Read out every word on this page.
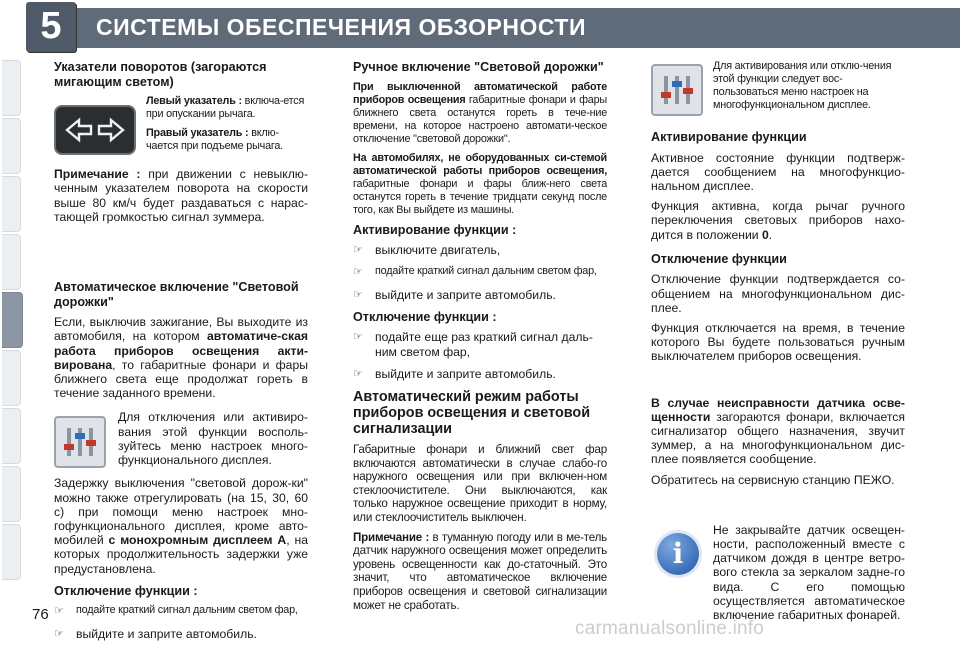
5	СИСТЕМЫ ОБЕСПЕЧЕНИЯ ОБЗОРНОСТИ
Указатели поворотов (загораются мигающим светом)

Левый указатель : включа-ется при опускании рычага.

Правый указатель : вклю-чается при подъеме рычага.

Примечание : при движении с невыклю-ченным указателем поворота на скорости выше 80 км/ч будет раздаваться с нарас-тающей громкостью сигнал зуммера.

Автоматическое включение "Световой дорожки"

Если, выключив зажигание, Вы выходите из автомобиля, на котором автоматиче-ская работа приборов освещения акти-вирована, то габаритные фонари и фары ближнего света еще продолжат гореть в течение заданного времени.

Для отключения или активиро-вания этой функции восполь-зуйтесь меню настроек много-функционального дисплея.

Задержку выключения "световой дорож-ки" можно также отрегулировать (на 15, 30, 60 с) при помощи меню настроек мно-гофункционального дисплея, кроме авто-мобилей с монохромным дисплеем А, на которых продолжительность задержки уже предустановлена.

Отключение функции :
☞	подайте краткий сигнал дальним светом фар,
☞ выйдите и заприте автомобиль.
Ручное включение "Световой дорожки"

При выключенной автоматической работе приборов освещения габаритные фонари и фары ближнего света останутся гореть в тече-ние времени, на которое настроено автомати-ческое отключение "световой дорожки".

На автомобилях, не оборудованных си-стемой автоматической работы приборов освещения, габаритные фонари и фары ближ-него света останутся гореть в течение тридцати секунд после того, как Вы выйдете из машины.

Активирование функции :
☞ выключите двигатель,
☞	подайте краткий сигнал дальним светом фар,
☞ выйдите и заприте автомобиль.
Отключение функции :
☞ подайте еще раз краткий сигнал даль-ним светом фар,
☞ выйдите и заприте автомобиль.
Автоматический режим работы приборов освещения и световой сигнализации

Габаритные фонари и ближний свет фар включаются автоматически в случае слабо-го наружного освещения или при включен-ном стеклоочистителе. Они выключаются, как только наружное освещение приходит в норму, или стеклоочиститель выключен.

Примечание : в туманную погоду или в ме-тель датчик наружного освещения может определить уровень освещенности как до-статочный. Это значит, что автоматическое включение приборов освещения и световой сигнализации может не сработать.

Для активирования или отклю-чения этой функции следует вос-пользоваться меню настроек на многофункциональном дисплее.

Активирование функции

Активное состояние функции подтверж-дается сообщением на многофункцио-нальном дисплее.

Функция активна, когда рычаг ручного переключения световых приборов нахо-дится в положении 0.

Отключение функции

Отключение функции подтверждается со-общением на многофункциональном дис-плее.

Функция отключается на время, в течение которого Вы будете пользоваться ручным выключателем приборов освещения.

В случае неисправности датчика осве-щенности загораются фонари, включается сигнализатор общего назначения, звучит зуммер, а на многофункциональном дис-плее появляется сообщение.

Обратитесь на сервисную станцию ПЕЖО.

i

Не закрывайте датчик освещен-ности, расположенный вместе с датчиком дождя в центре ветро-вого стекла за зеркалом задне-го вида. С его помощью осуществляется автоматическое включение габаритных фонарей.

76
carmanualsonline.info
